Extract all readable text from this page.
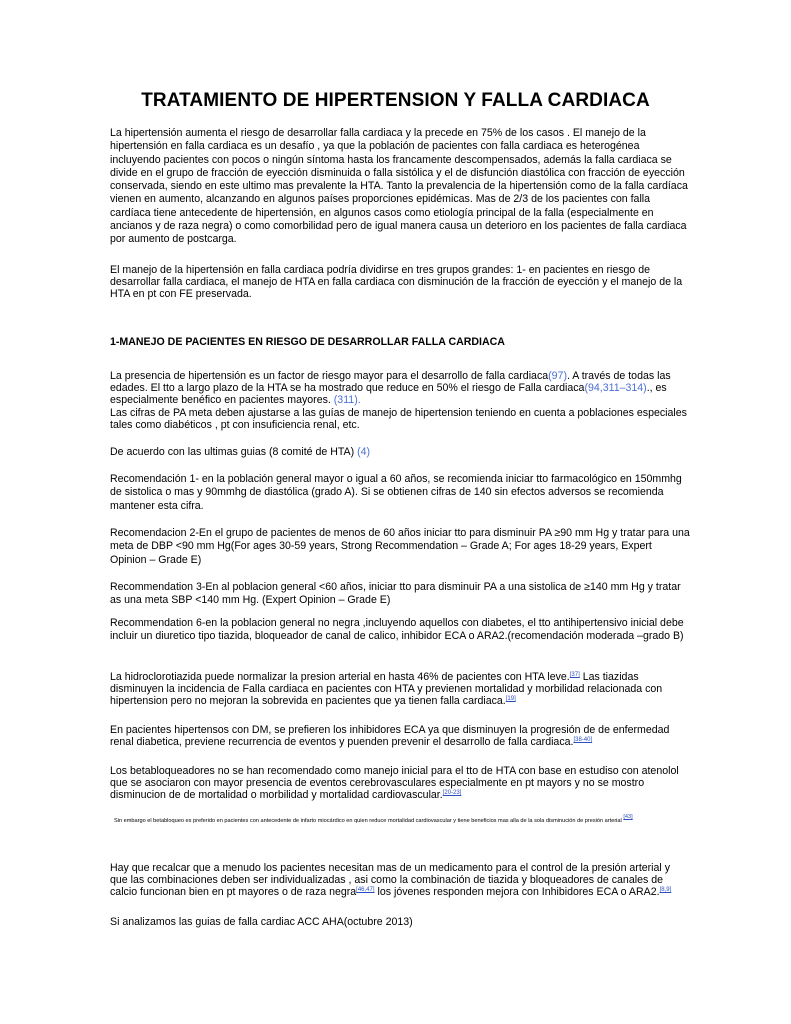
TRATAMIENTO DE HIPERTENSION Y FALLA CARDIACA

La hipertensión aumenta el riesgo de desarrollar falla cardiaca y la precede en 75% de los casos . El manejo de la hipertensión en falla cardiaca es un desafío , ya que la población de pacientes con falla cardiaca es heterogénea incluyendo pacientes con pocos o ningún síntoma hasta los francamente descompensados, además la falla cardiaca se divide en el grupo de fracción de eyección disminuida o falla sistólica y el de disfunción diastólica con fracción de eyección conservada, siendo en este ultimo mas prevalente la HTA. Tanto la prevalencia de la hipertensión como de la falla cardíaca vienen en aumento, alcanzando en algunos países proporciones epidémicas. Mas de 2/3 de los pacientes con falla cardíaca tiene antecedente de hipertensión, en algunos casos como etiología principal de la falla (especialmente en ancianos y de raza negra) o como comorbilidad pero de igual manera causa un deterioro en los pacientes de falla cardiaca por aumento de postcarga.

El manejo de la hipertensión en falla cardiaca podría dividirse en tres grupos grandes: 1- en pacientes en riesgo de desarrollar falla cardiaca, el manejo de HTA en falla cardiaca con disminución de la fracción de eyección y el manejo de la HTA en pt con FE preservada.

1-MANEJO DE PACIENTES EN RIESGO DE DESARROLLAR FALLA CARDIACA

La presencia de hipertensión es un factor de riesgo mayor para el desarrollo de falla cardiaca(97). A través de todas las edades. El tto a largo plazo de la HTA se ha mostrado que reduce en 50% el riesgo de Falla cardiaca(94,311–314)., es especialmente benéfico en pacientes mayores. (311).
Las cifras de PA meta deben ajustarse a las guías de manejo de hipertension teniendo en cuenta a poblaciones especiales tales como diabéticos , pt con insuficiencia renal, etc.

De acuerdo con las ultimas guias (8 comité de HTA) (4)

Recomendación 1- en la población general mayor o igual a 60 años, se recomienda iniciar tto farmacológico en 150mmhg de sistolica o mas y 90mmhg de diastólica (grado A). Si se obtienen cifras de 140 sin efectos adversos se recomienda mantener esta cifra.

Recomendacion 2-En el grupo de pacientes de menos de 60 años iniciar tto para disminuir PA ≥90 mm Hg y tratar para una meta de DBP <90 mm Hg(For ages 30-59 years, Strong Recommendation – Grade A; For ages 18-29 years, Expert Opinion – Grade E)

Recommendation 3-En al poblacion general <60 años, iniciar tto para disminuir PA a una sistolica de ≥140 mm Hg y tratar as una meta SBP <140 mm Hg. (Expert Opinion – Grade E)

Recommendation 6-en la poblacion general no negra ,incluyendo aquellos con diabetes, el tto antihipertensivo inicial debe incluir un diuretico tipo tiazida, bloqueador de canal de calico, inhibidor ECA o ARA2.(recomendación moderada –grado B)

La hidroclorotiazida puede normalizar la presion arterial en hasta 46% de pacientes con HTA leve.[37] Las tiazidas disminuyen la incidencia de Falla cardiaca en pacientes con HTA y previenen mortalidad y morbilidad relacionada con hipertension pero no mejoran la sobrevida en pacientes que ya tienen falla cardiaca.[19]

En pacientes hipertensos con DM, se prefieren los inhibidores ECA ya que disminuyen la progresión de de enfermedad renal diabetica, previene recurrencia de eventos y puenden prevenir el desarrollo de falla cardiaca.[38-40]

Los betabloqueadores no se han recomendado como manejo inicial para el tto de HTA con base en estudiso con atenolol que se asociaron con mayor presencia de eventos cerebrovasculares especialmente en pt mayors y no se mostro disminucion de de mortalidad o morbilidad y mortalidad cardiovascular.[20-23]

Sin embargo el betabloqueo es preferido en pacientes con antecedente de infarto miocárdico en quien reduce mortalidad cardiovascular y tiene beneficios mas alla de la sola disminución de presión arterial [43]

Hay que recalcar que a menudo los pacientes necesitan mas de un medicamento para el control de la presión arterial y que las combinaciones deben ser individualizadas , asi como la combinación de tiazida y bloqueadores de canales de calcio funcionan bien en pt mayores o de raza negra[46,47] los jóvenes responden mejora con Inhibidores ECA o ARA2.[8,9]

Si analizamos las guias de falla cardiac ACC AHA(octubre 2013)
